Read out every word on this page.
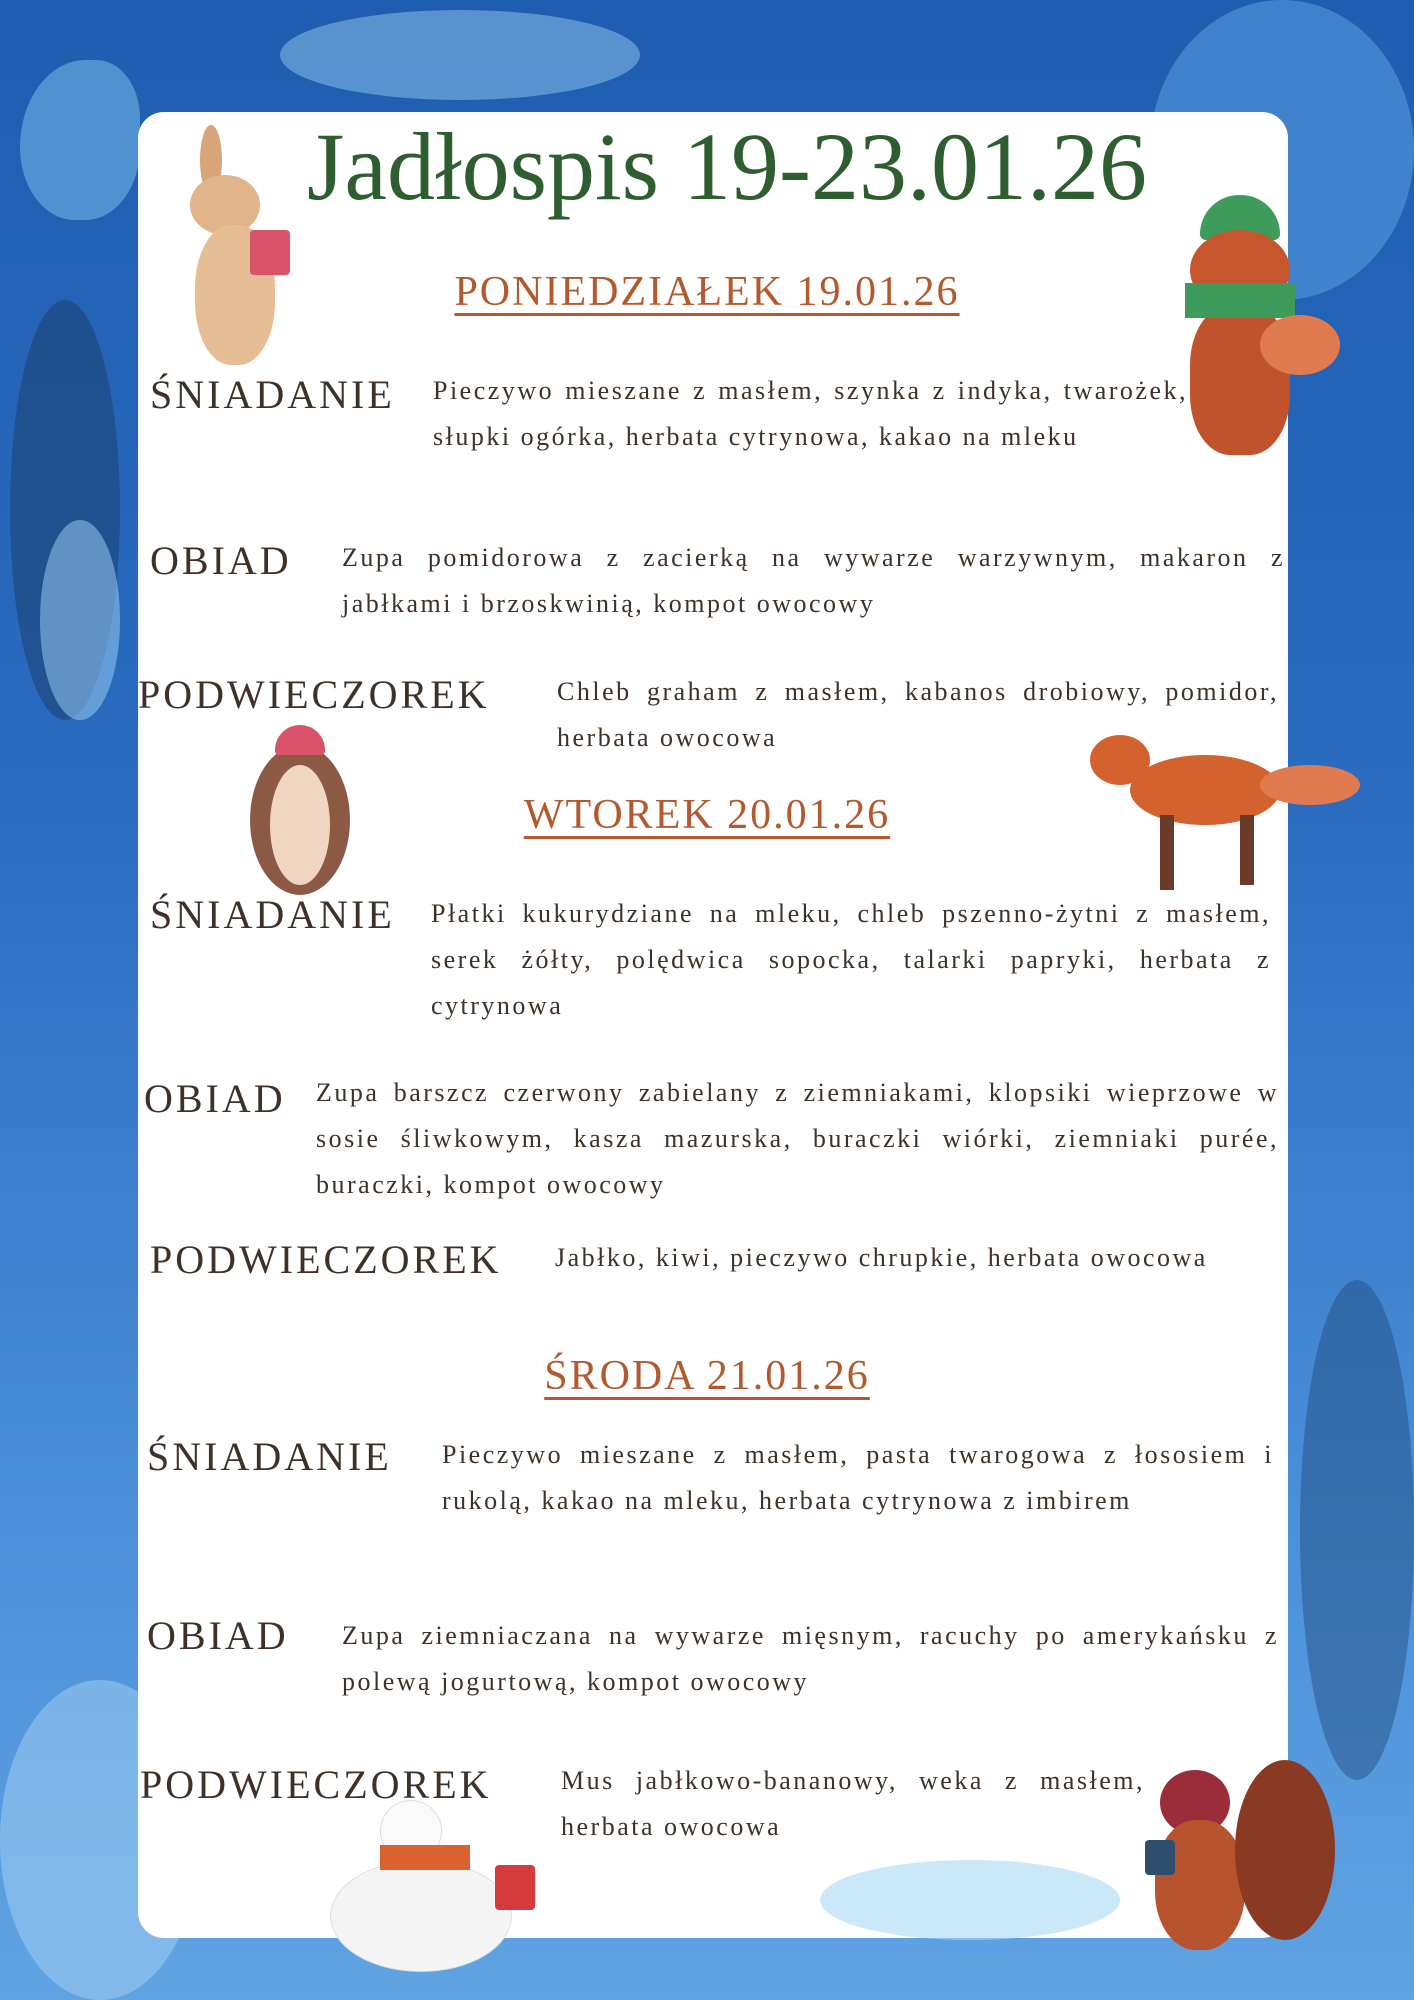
Jadłospis 19-23.01.26
PONIEDZIAŁEK 19.01.26
ŚNIADANIE Pieczywo mieszane z masłem, szynka z indyka, twarożek, słupki ogórka, herbata cytrynowa, kakao na mleku
OBIAD Zupa pomidorowa z zacierką na wywarze warzywnym, makaron z jabłkami i brzoskwinią, kompot owocowy
PODWIECZOREK	Chleb graham z masłem, kabanos drobiowy, pomidor, herbata owocowa
WTOREK 20.01.26
ŚNIADANIE Płatki kukurydziane na mleku, chleb pszenno-żytni z masłem, serek żółty, polędwica sopocka, talarki papryki, herbata z cytrynowa
OBIAD Zupa barszcz czerwony zabielany z ziemniakami, klopsiki wieprzowe w sosie śliwkowym, kasza mazurska, buraczki wiórki, ziemniaki purée, buraczki, kompot owocowy
PODWIECZOREK Jabłko, kiwi, pieczywo chrupkie, herbata owocowa
ŚRODA 21.01.26
ŚNIADANIE Pieczywo mieszane z masłem, pasta twarogowa z łososiem i rukolą, kakao na mleku, herbata cytrynowa z imbirem
OBIAD Zupa ziemniaczana na wywarze mięsnym, racuchy po amerykańsku z polewą jogurtową, kompot owocowy
PODWIECZOREK	Mus jabłkowo-bananowy, weka z masłem, herbata owocowa
